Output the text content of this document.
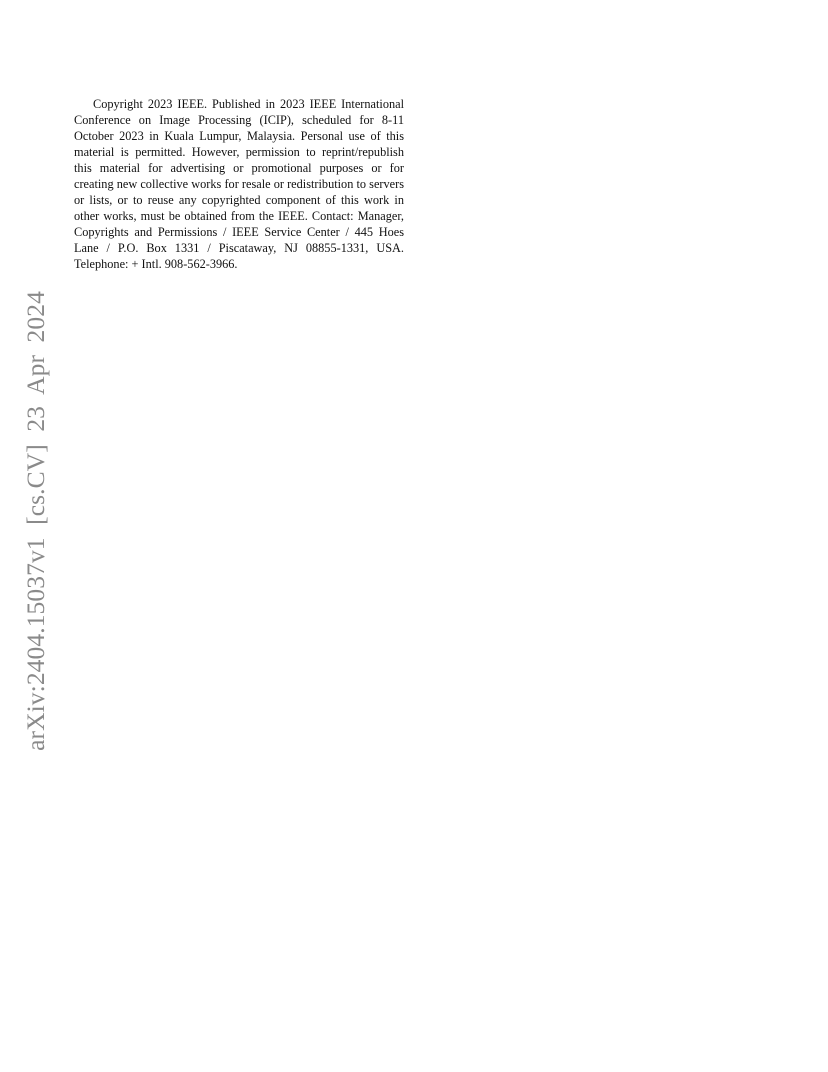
Copyright 2023 IEEE. Published in 2023 IEEE International Conference on Image Processing (ICIP), scheduled for 8-11 October 2023 in Kuala Lumpur, Malaysia. Personal use of this material is permitted. However, permission to reprint/republish this material for advertising or promotional purposes or for creating new collective works for resale or redistribution to servers or lists, or to reuse any copyrighted component of this work in other works, must be obtained from the IEEE. Contact: Manager, Copyrights and Permissions / IEEE Service Center / 445 Hoes Lane / P.O. Box 1331 / Piscataway, NJ 08855-1331, USA. Telephone: + Intl. 908-562-3966.

arXiv:2404.15037v1 [cs.CV] 23 Apr 2024
